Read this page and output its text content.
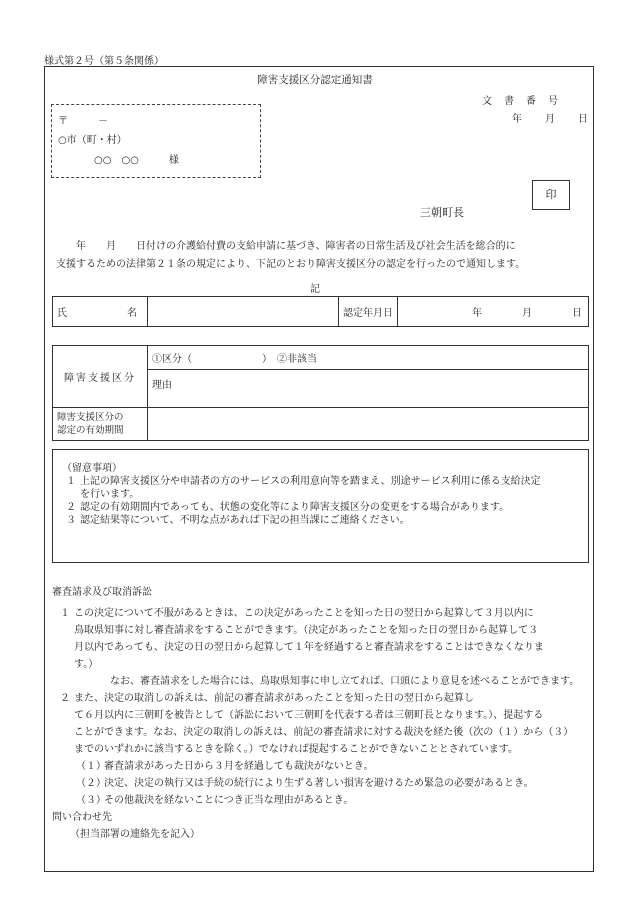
様式第２号（第５条関係）
障害支援区分認定通知書
文　書　番　号
年　　月　　日
〒　　　－
○市（町・村）
○○　○○　　　様
三朝町長
印
　　年　　月　　日付けの介護給付費の支給申請に基づき、障害者の日常生活及び社会生活を総合的に
支援するための法律第２１条の規定により、下記のとおり障害支援区分の認定を行ったので通知します。
記
氏　　　　　　名		認定年月日	年　　　　月　　　　日
障害支援区分	①区分（　　　　　　　）　②非該当
	理由

障害支援区分の
認定の有効期間	

（留意事項）
１ 上記の障害支援区分や申請者の方のサービスの利用意向等を踏まえ、別途サービス利用に係る支給決定
を行います。
２ 認定の有効期間内であっても、状態の変化等により障害支援区分の変更をする場合があります。
３ 認定結果等について、不明な点があれば下記の担当課にご連絡ください。
審査請求及び取消訴訟
１ この決定について不服があるときは、この決定があったことを知った日の翌日から起算して３月以内に
鳥取県知事に対し審査請求をすることができます。（決定があったことを知った日の翌日から起算して３
月以内であっても、決定の日の翌日から起算して１年を経過すると審査請求をすることはできなくなりま
す。）
なお、審査請求をした場合には、鳥取県知事に申し立てれば、口頭により意見を述べることができます。
２ また、決定の取消しの訴えは、前記の審査請求があったことを知った日の翌日から起算し
て６月以内に三朝町を被告として（訴訟において三朝町を代表する者は三朝町長となります。）、提起する
ことができます。なお、決定の取消しの訴えは、前記の審査請求に対する裁決を経た後（次の（１）から（３）
までのいずれかに該当するときを除く。）でなければ提起することができないこととされています。
（１）
審査請求があった日から３月を経過しても裁決がないとき。
（２）
決定、決定の執行又は手続の続行により生ずる著しい損害を避けるため緊急の必要があるとき。
（３）
その他裁決を経ないことにつき正当な理由があるとき。
問い合わせ先
（担当部署の連絡先を記入）
